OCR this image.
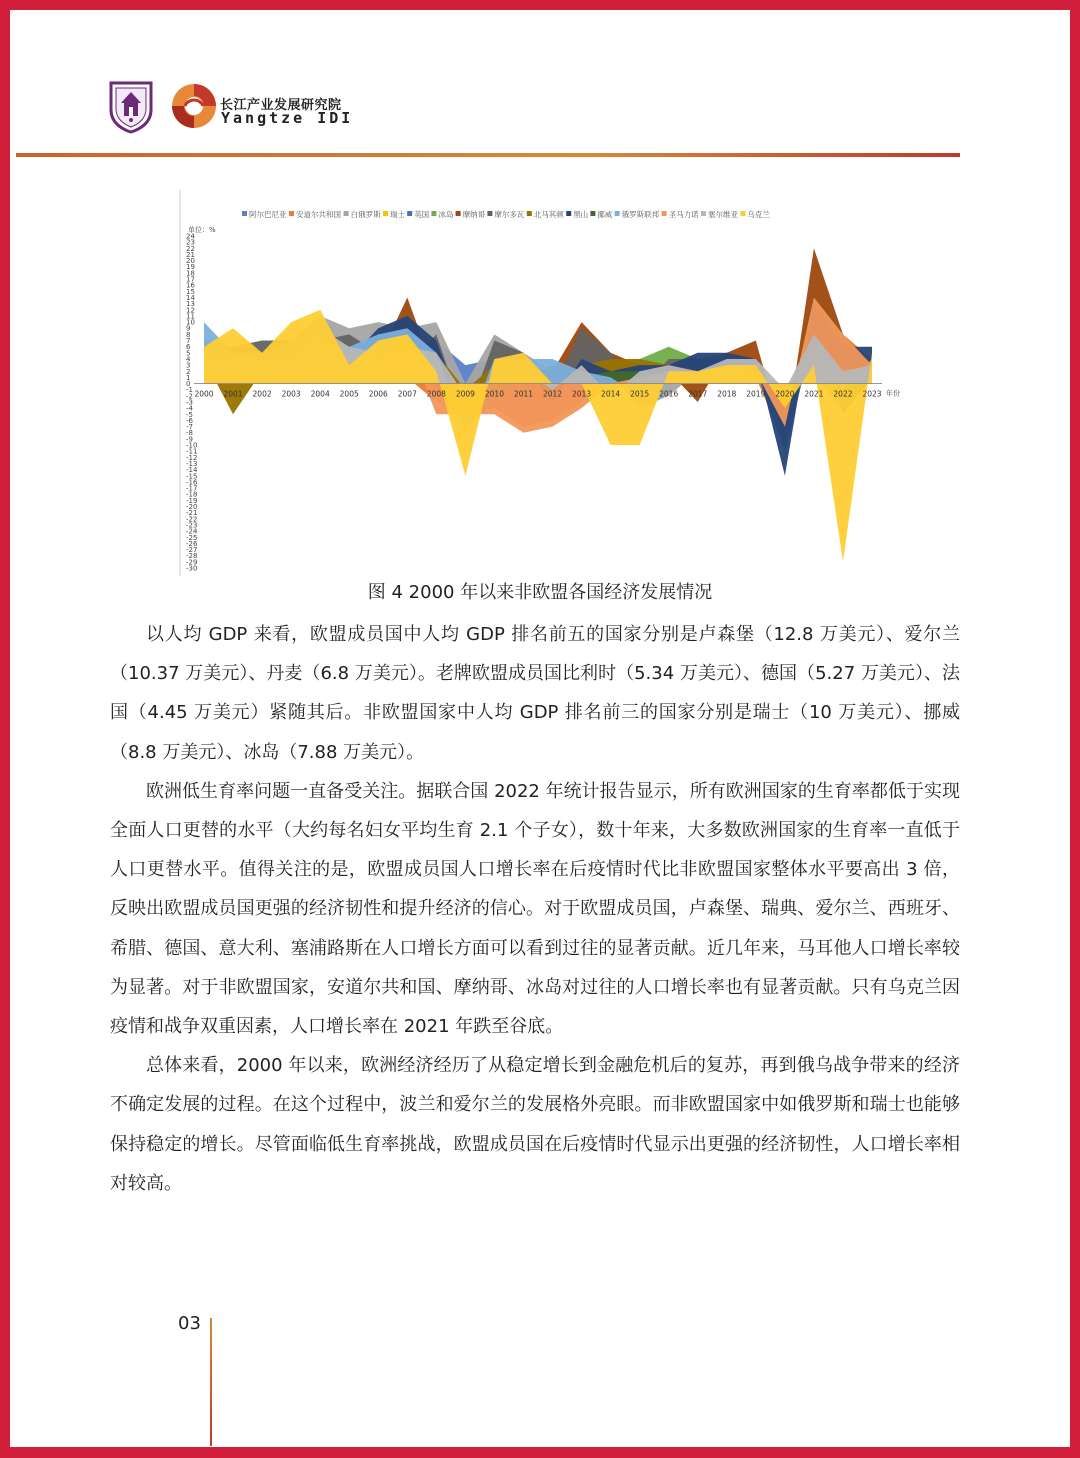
长江产业发展研究院
Yangtze IDI
阿尔巴尼亚 安道尔共和国 白俄罗斯 瑞士 英国 冰岛 摩纳哥 摩尔多瓦 北马其顿 黑山 挪威 俄罗斯联邦 圣马力诺 塞尔维亚 乌克兰
单位：%
24
23
22
21
20
19
18
17
16
15
14
13
12
11
10
9
8
7
6
5
4
3
2
1
0
-1
-2
-3
-4
-5
-6
-7
-8
-9
-10
-11
-12
-13
-14
-15
-16
-17
-18
-19
-20
-21
-22
-23
-24
-25
-26
-27
-28
-29
-30
2000 2001 2002 2003 2004 2005 2006 2007 2008 2009 2010 2011 2012 2013 2014 2015 2016 2017 2018 2019 2020 2021 2022 2023 年份
图 4 2000 年以来非欧盟各国经济发展情况

以人均 GDP 来看，欧盟成员国中人均 GDP 排名前五的国家分别是卢森堡（12.8 万美元）、爱尔兰（10.37 万美元）、丹麦（6.8 万美元）。老牌欧盟成员国比利时（5.34 万美元）、德国（5.27 万美元）、法国（4.45 万美元）紧随其后。非欧盟国家中人均 GDP 排名前三的国家分别是瑞士（10 万美元）、挪威（8.8 万美元）、冰岛（7.88 万美元）。

欧洲低生育率问题一直备受关注。据联合国 2022 年统计报告显示，所有欧洲国家的生育率都低于实现全面人口更替的水平（大约每名妇女平均生育 2.1 个子女），数十年来，大多数欧洲国家的生育率一直低于人口更替水平。值得关注的是，欧盟成员国人口增长率在后疫情时代比非欧盟国家整体水平要高出 3 倍，反映出欧盟成员国更强的经济韧性和提升经济的信心。对于欧盟成员国，卢森堡、瑞典、爱尔兰、西班牙、希腊、德国、意大利、塞浦路斯在人口增长方面可以看到过往的显著贡献。近几年来，马耳他人口增长率较为显著。对于非欧盟国家，安道尔共和国、摩纳哥、冰岛对过往的人口增长率也有显著贡献。只有乌克兰因疫情和战争双重因素，人口增长率在 2021 年跌至谷底。

总体来看，2000 年以来，欧洲经济经历了从稳定增长到金融危机后的复苏，再到俄乌战争带来的经济不确定发展的过程。在这个过程中，波兰和爱尔兰的发展格外亮眼。而非欧盟国家中如俄罗斯和瑞士也能够保持稳定的增长。尽管面临低生育率挑战，欧盟成员国在后疫情时代显示出更强的经济韧性，人口增长率相对较高。

03
